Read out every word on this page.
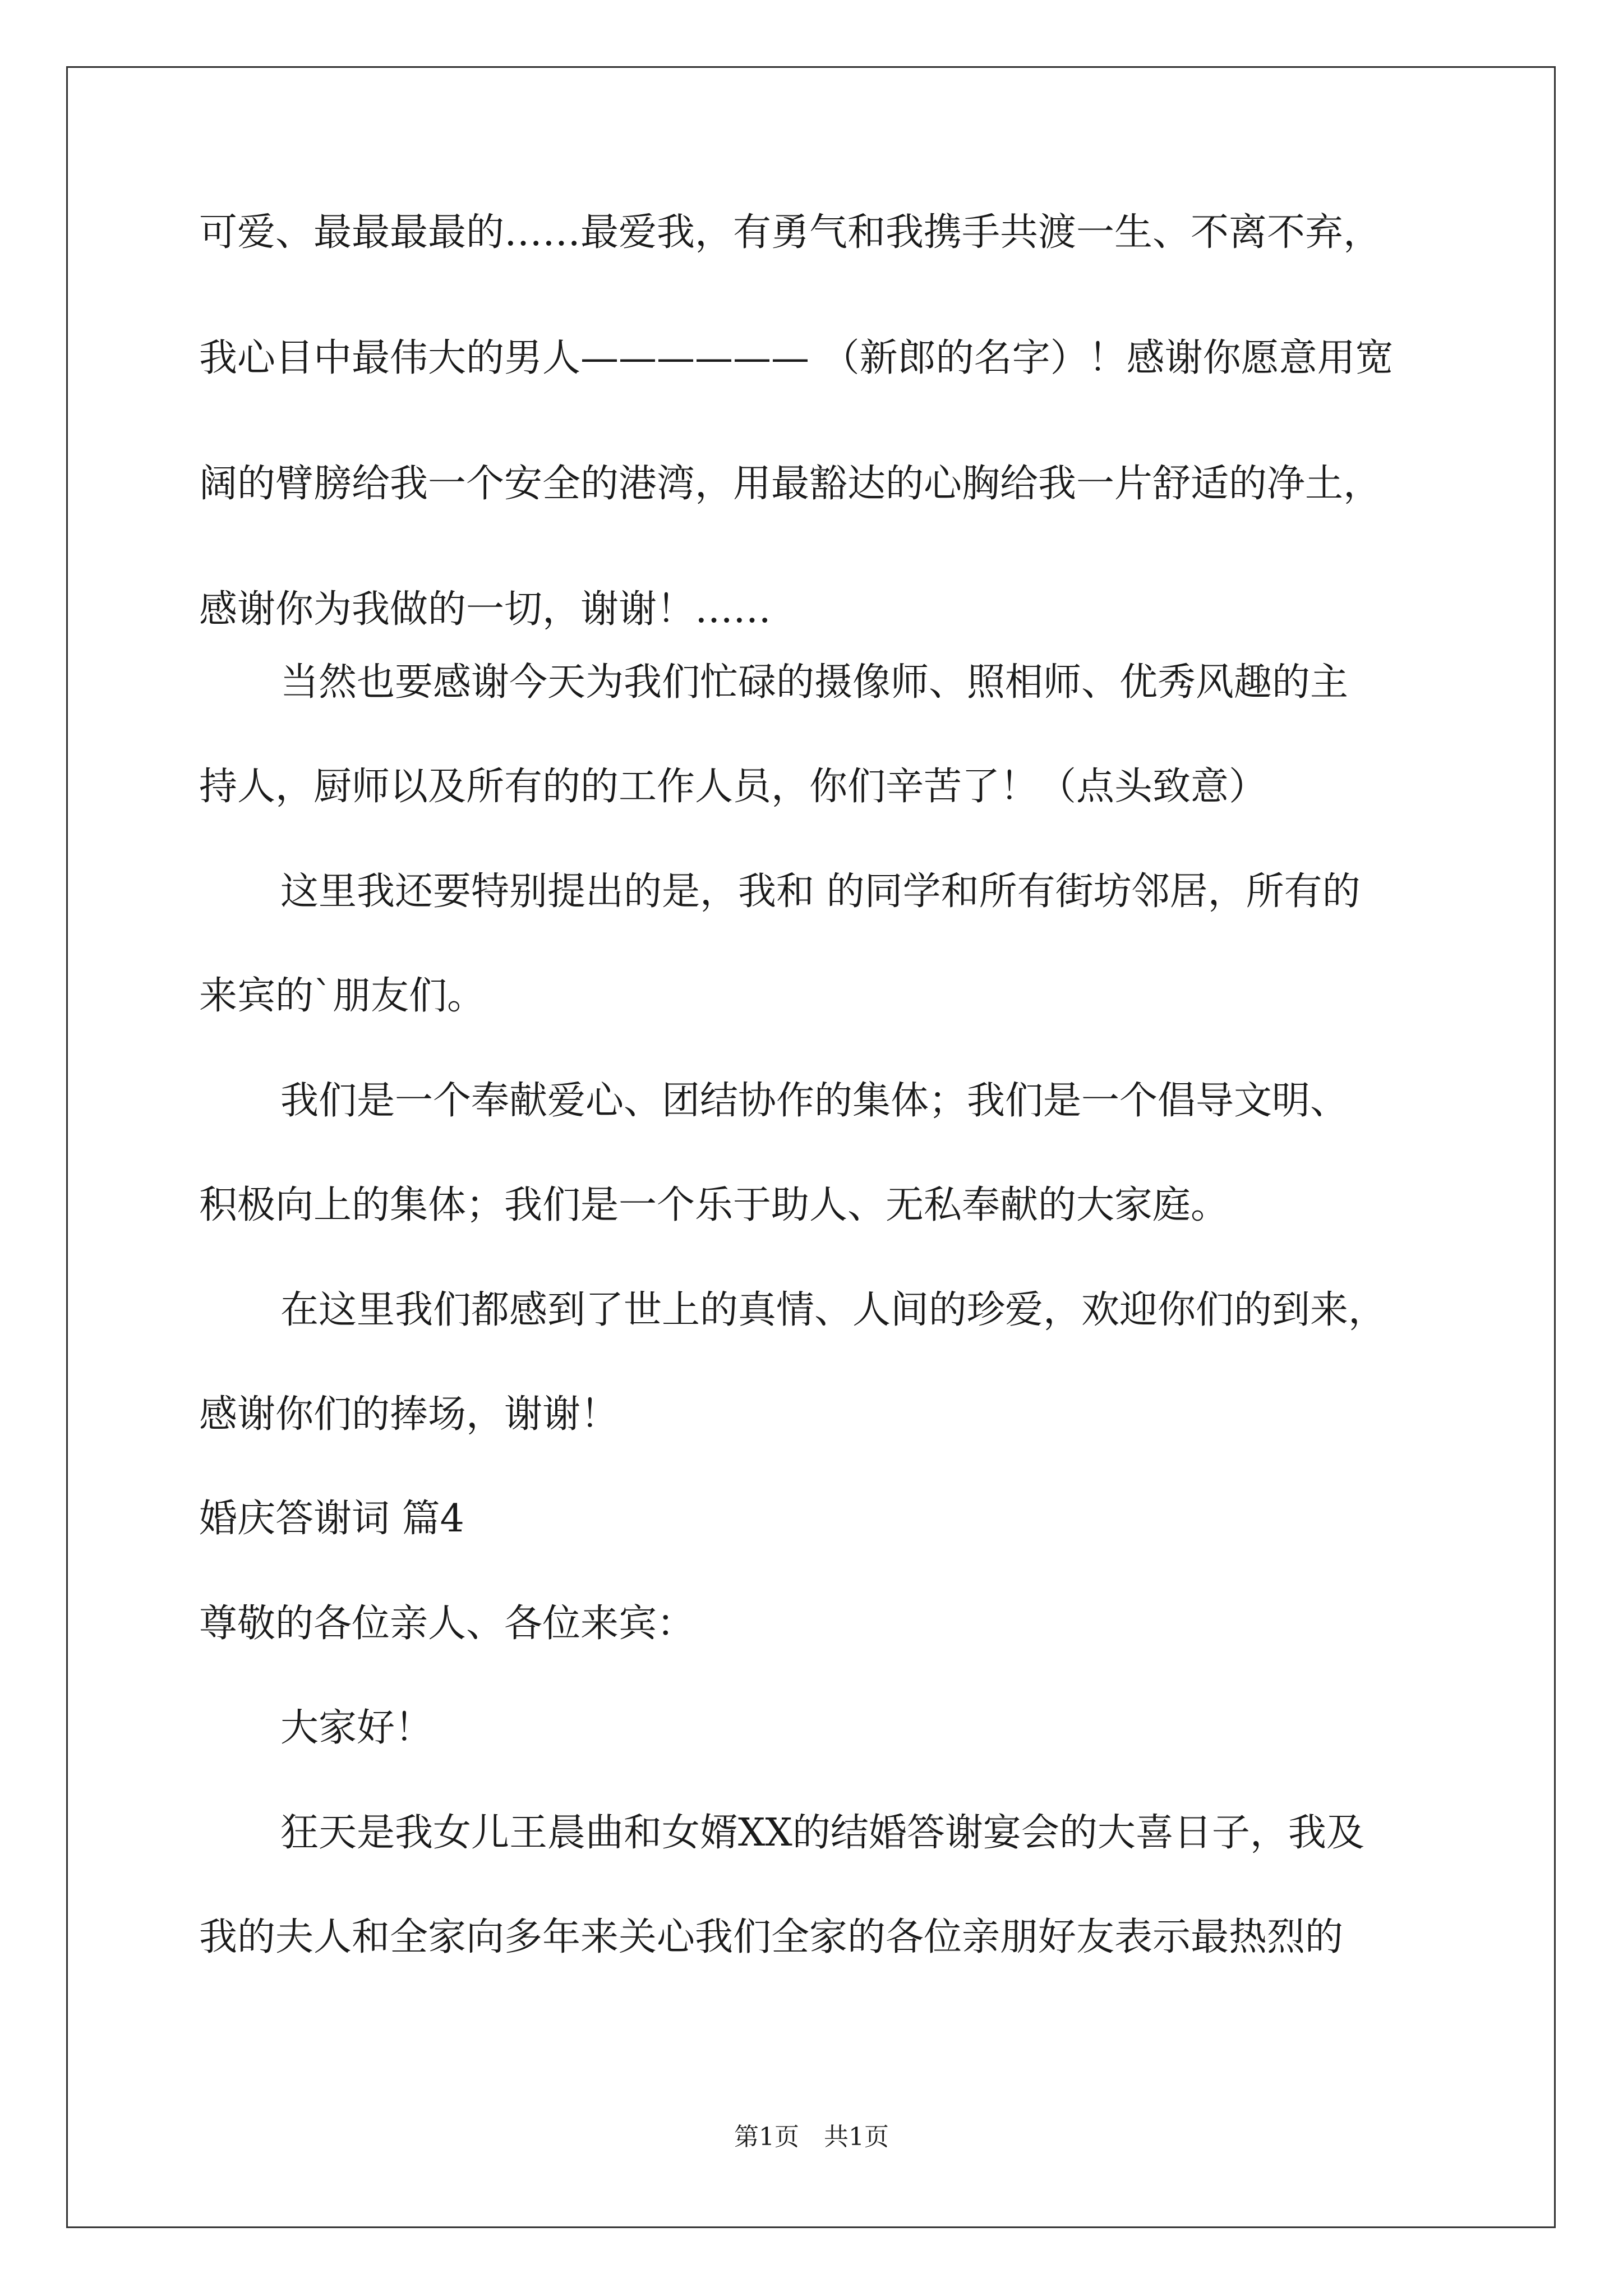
可爱、最最最最的……最爱我，有勇气和我携手共渡一生、不离不弃，
我心目中最伟大的男人—————— （新郎的名字）！感谢你愿意用宽
阔的臂膀给我一个安全的港湾，用最豁达的心胸给我一片舒适的净土，
感谢你为我做的一切，谢谢！……
当然也要感谢今天为我们忙碌的摄像师、照相师、优秀风趣的主
持人，厨师以及所有的的工作人员，你们辛苦了！（点头致意）
这里我还要特别提出的是，我和 的同学和所有街坊邻居，所有的
来宾的`朋友们。
我们是一个奉献爱心、团结协作的集体；我们是一个倡导文明、
积极向上的集体；我们是一个乐于助人、无私奉献的大家庭。
在这里我们都感到了世上的真情、人间的珍爱，欢迎你们的到来，
感谢你们的捧场，谢谢！
婚庆答谢词 篇4
尊敬的各位亲人、各位来宾：
大家好！
狂天是我女儿王晨曲和女婿XX的结婚答谢宴会的大喜日子，我及
我的夫人和全家向多年来关心我们全家的各位亲朋好友表示最热烈的
第1页　共1页
